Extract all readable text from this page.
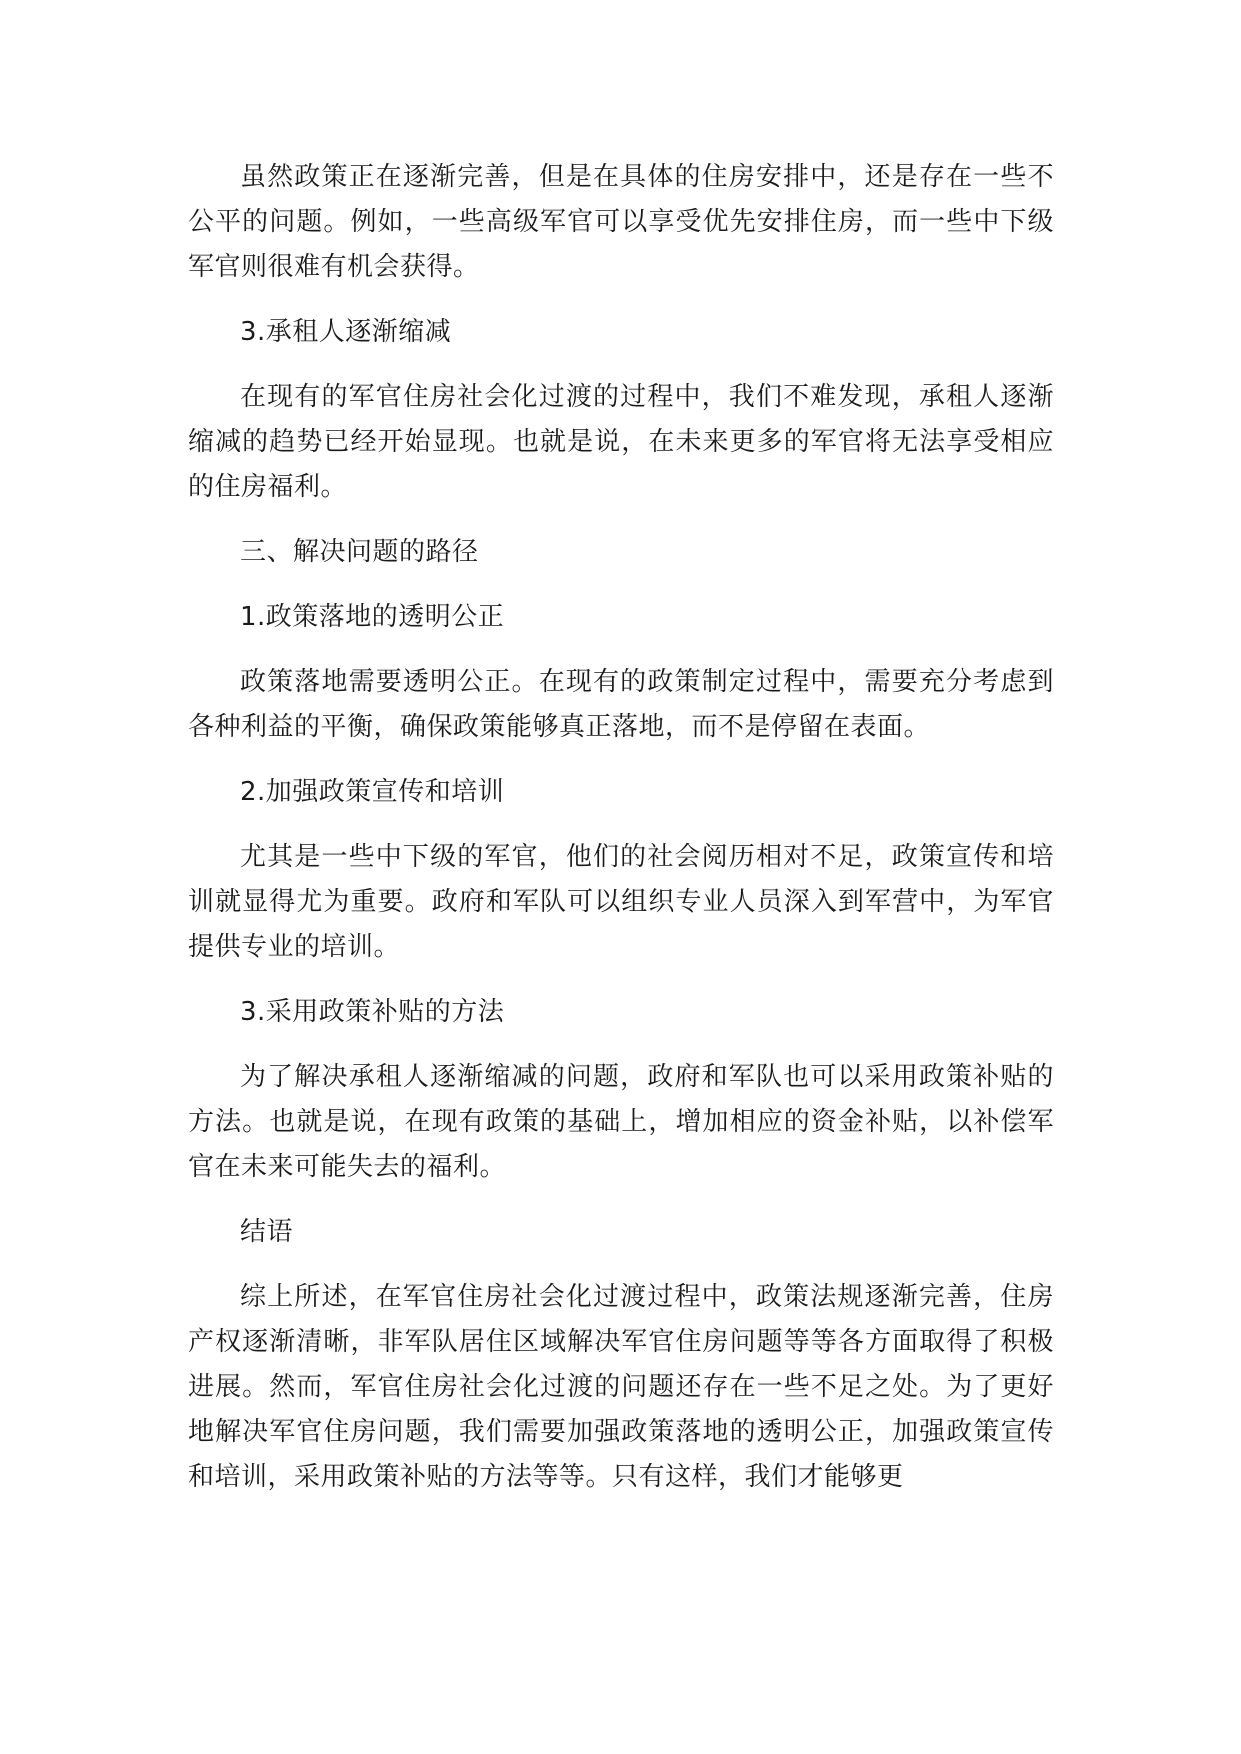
虽然政策正在逐渐完善，但是在具体的住房安排中，还是存在一些不公平的问题。例如，一些高级军官可以享受优先安排住房，而一些中下级军官则很难有机会获得。

3.承租人逐渐缩减

在现有的军官住房社会化过渡的过程中，我们不难发现，承租人逐渐缩减的趋势已经开始显现。也就是说，在未来更多的军官将无法享受相应的住房福利。

三、解决问题的路径

1.政策落地的透明公正

政策落地需要透明公正。在现有的政策制定过程中，需要充分考虑到各种利益的平衡，确保政策能够真正落地，而不是停留在表面。

2.加强政策宣传和培训

尤其是一些中下级的军官，他们的社会阅历相对不足，政策宣传和培训就显得尤为重要。政府和军队可以组织专业人员深入到军营中，为军官提供专业的培训。

3.采用政策补贴的方法

为了解决承租人逐渐缩减的问题，政府和军队也可以采用政策补贴的方法。也就是说，在现有政策的基础上，增加相应的资金补贴，以补偿军官在未来可能失去的福利。

结语

综上所述，在军官住房社会化过渡过程中，政策法规逐渐完善，住房产权逐渐清晰，非军队居住区域解决军官住房问题等等各方面取得了积极进展。然而，军官住房社会化过渡的问题还存在一些不足之处。为了更好地解决军官住房问题，我们需要加强政策落地的透明公正，加强政策宣传和培训，采用政策补贴的方法等等。只有这样，我们才能够更
